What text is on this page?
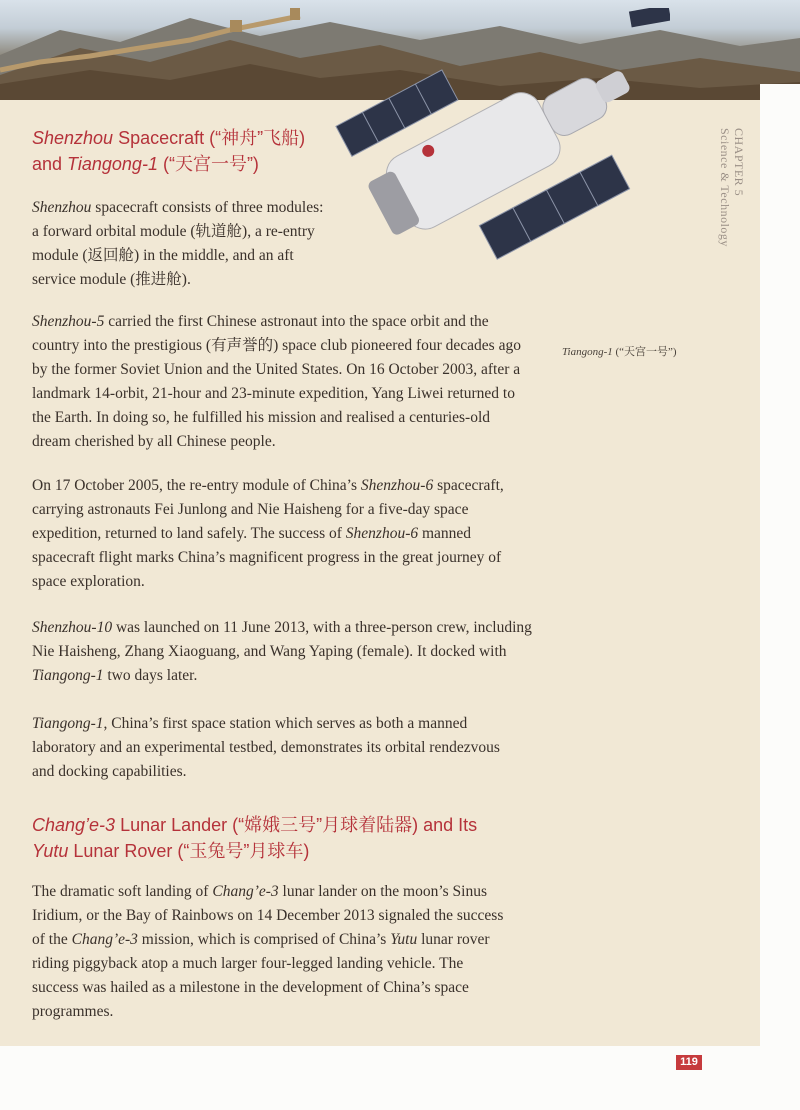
CHAPTER 5
Science & Technology
Shenzhou Spacecraft (“神舟”飞船) and Tiangong-1 (“天宫一号”)

Shenzhou spacecraft consists of three modules: a forward orbital module (轨道舱), a re-entry module (返回舱) in the middle, and an aft service module (推进舱).

Shenzhou-5 carried the first Chinese astronaut into the space orbit and the country into the prestigious (有声誉的) space club pioneered four decades ago by the former Soviet Union and the United States. On 16 October 2003, after a landmark 14-orbit, 21-hour and 23-minute expedition, Yang Liwei returned to the Earth. In doing so, he fulfilled his mission and realised a centuries-old dream cherished by all Chinese people.

Tiangong-1 (“天宫一号”)

On 17 October 2005, the re-entry module of China’s Shenzhou-6 spacecraft, carrying astronauts Fei Junlong and Nie Haisheng for a five-day space expedition, returned to land safely. The success of Shenzhou-6 manned spacecraft flight marks China’s magnificent progress in the great journey of space exploration.

Shenzhou-10 was launched on 11 June 2013, with a three-person crew, including Nie Haisheng, Zhang Xiaoguang, and Wang Yaping (female). It docked with Tiangong-1 two days later.

Tiangong-1, China’s first space station which serves as both a manned laboratory and an experimental testbed, demonstrates its orbital rendezvous and docking capabilities.

Chang’e-3 Lunar Lander (“嫦娥三号”月球着陆器) and Its Yutu Lunar Rover (“玉兔号”月球车)

The dramatic soft landing of Chang’e-3 lunar lander on the moon’s Sinus Iridium, or the Bay of Rainbows on 14 December 2013 signaled the success of the Chang’e-3 mission, which is comprised of China’s Yutu lunar rover riding piggyback atop a much larger four-legged landing vehicle. The success was hailed as a milestone in the development of China’s space programmes.

119
